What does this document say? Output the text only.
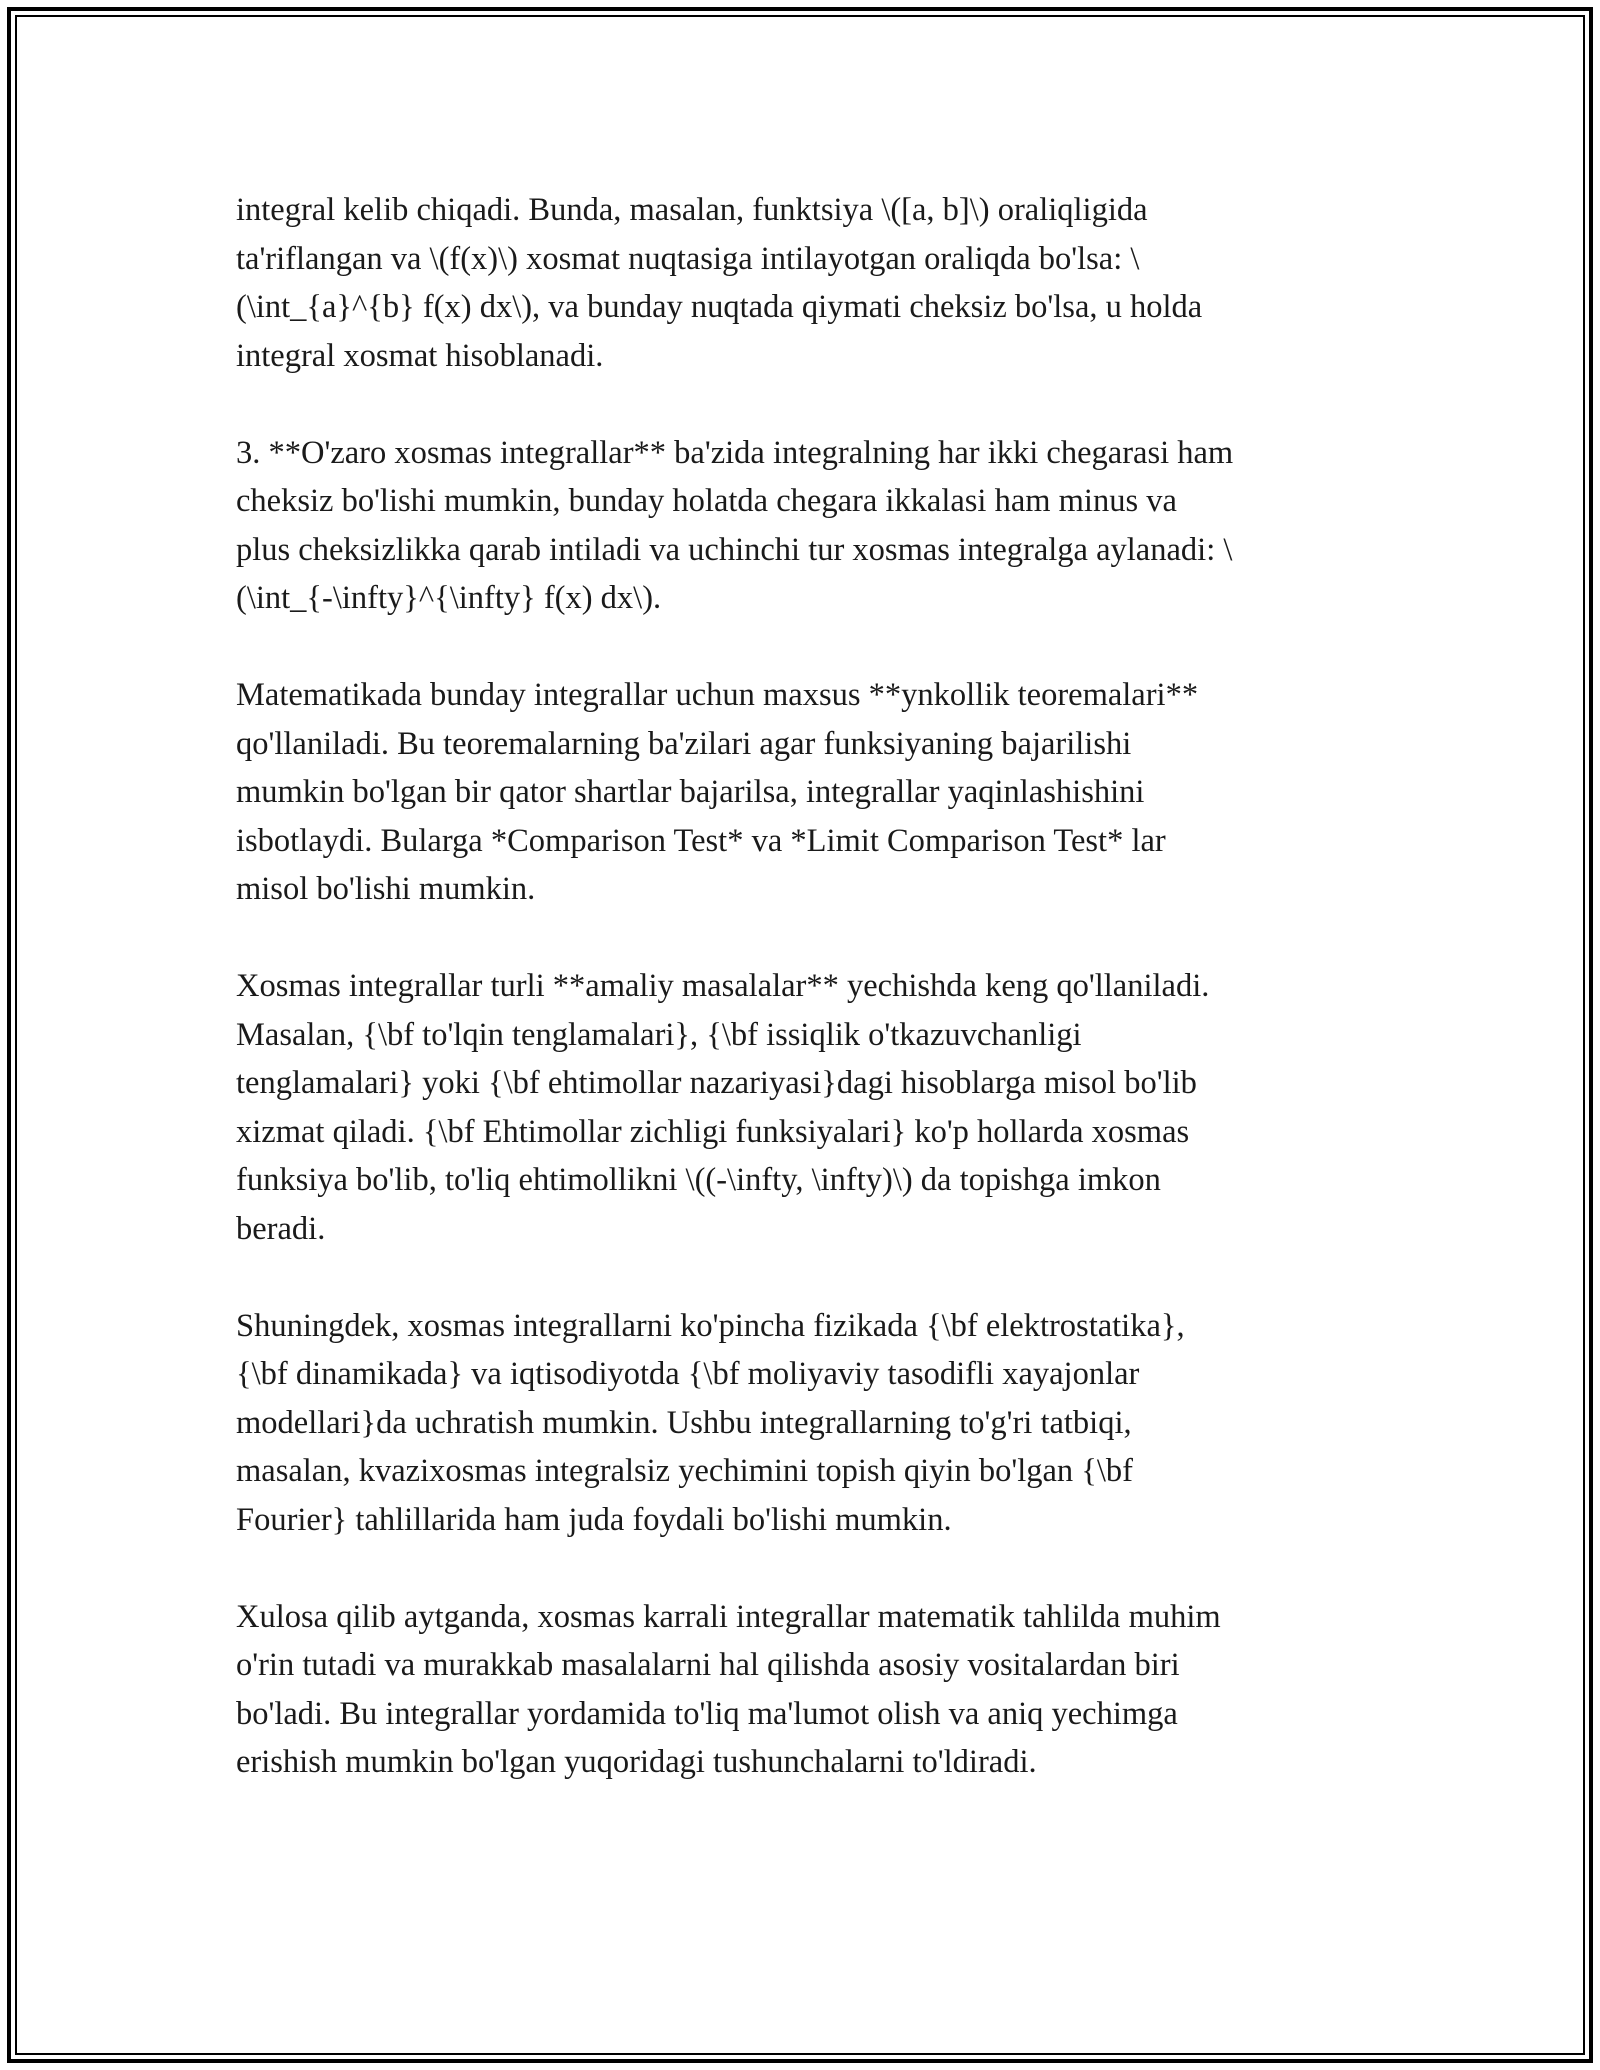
integral kelib chiqadi. Bunda, masalan, funktsiya \([a, b]\) oraliqligida
ta'riflangan va \(f(x)\) xosmat nuqtasiga intilayotgan oraliqda bo'lsa: \
(\int_{a}^{b} f(x) dx\), va bunday nuqtada qiymati cheksiz bo'lsa, u holda
integral xosmat hisoblanadi.

3. **O'zaro xosmas integrallar** ba'zida integralning har ikki chegarasi ham
cheksiz bo'lishi mumkin, bunday holatda chegara ikkalasi ham minus va
plus cheksizlikka qarab intiladi va uchinchi tur xosmas integralga aylanadi: \
(\int_{-\infty}^{\infty} f(x) dx\).

Matematikada bunday integrallar uchun maxsus **ynkollik teoremalari**
qo'llaniladi. Bu teoremalarning ba'zilari agar funksiyaning bajarilishi
mumkin bo'lgan bir qator shartlar bajarilsa, integrallar yaqinlashishini
isbotlaydi. Bularga *Comparison Test* va *Limit Comparison Test* lar
misol bo'lishi mumkin.

Xosmas integrallar turli **amaliy masalalar** yechishda keng qo'llaniladi.
Masalan, {\bf to'lqin tenglamalari}, {\bf issiqlik o'tkazuvchanligi
tenglamalari} yoki {\bf ehtimollar nazariyasi}dagi hisoblarga misol bo'lib
xizmat qiladi. {\bf Ehtimollar zichligi funksiyalari} ko'p hollarda xosmas
funksiya bo'lib, to'liq ehtimollikni \((-\infty, \infty)\) da topishga imkon
beradi.

Shuningdek, xosmas integrallarni ko'pincha fizikada {\bf elektrostatika},
{\bf dinamikada} va iqtisodiyotda {\bf moliyaviy tasodifli xayajonlar
modellari}da uchratish mumkin. Ushbu integrallarning to'g'ri tatbiqi,
masalan, kvazixosmas integralsiz yechimini topish qiyin bo'lgan {\bf
Fourier} tahlillarida ham juda foydali bo'lishi mumkin.

Xulosa qilib aytganda, xosmas karrali integrallar matematik tahlilda muhim
o'rin tutadi va murakkab masalalarni hal qilishda asosiy vositalardan biri
bo'ladi. Bu integrallar yordamida to'liq ma'lumot olish va aniq yechimga
erishish mumkin bo'lgan yuqoridagi tushunchalarni to'ldiradi.
